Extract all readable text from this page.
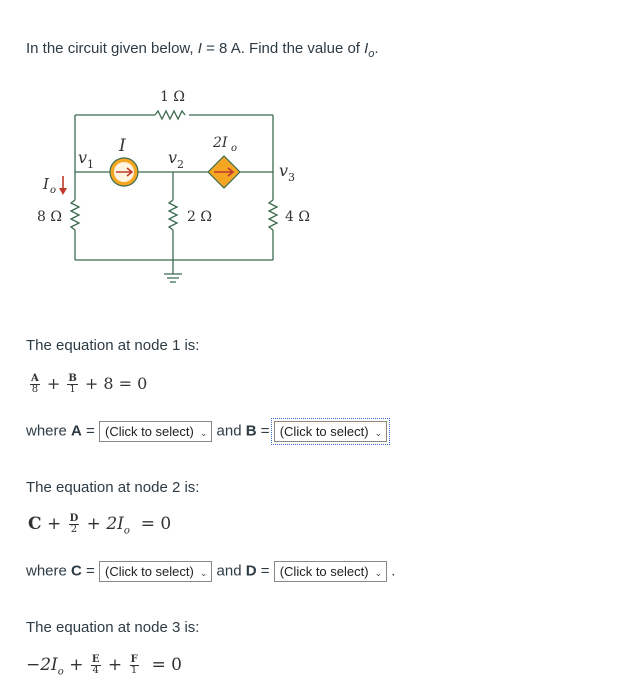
In the circuit given below, I = 8 A. Find the value of $I_o$.
1 Ω
8 Ω	2 Ω	4 Ω
v 1	v 2	v 3
I	2I o
I o
The equation at node 1 is:
$\frac{A}{8} + \frac{B}{1} + 8 = 0$
where A = (Click to select) ⌄ and B = (Click to select) ⌄
The equation at node 2 is:
$C + \frac{D}{2} + 2I_o = 0$
where C = (Click to select) ⌄ and D = (Click to select) ⌄ .
The equation at node 3 is:
$-2I_o + \frac{E}{4} + \frac{F}{1} = 0$
